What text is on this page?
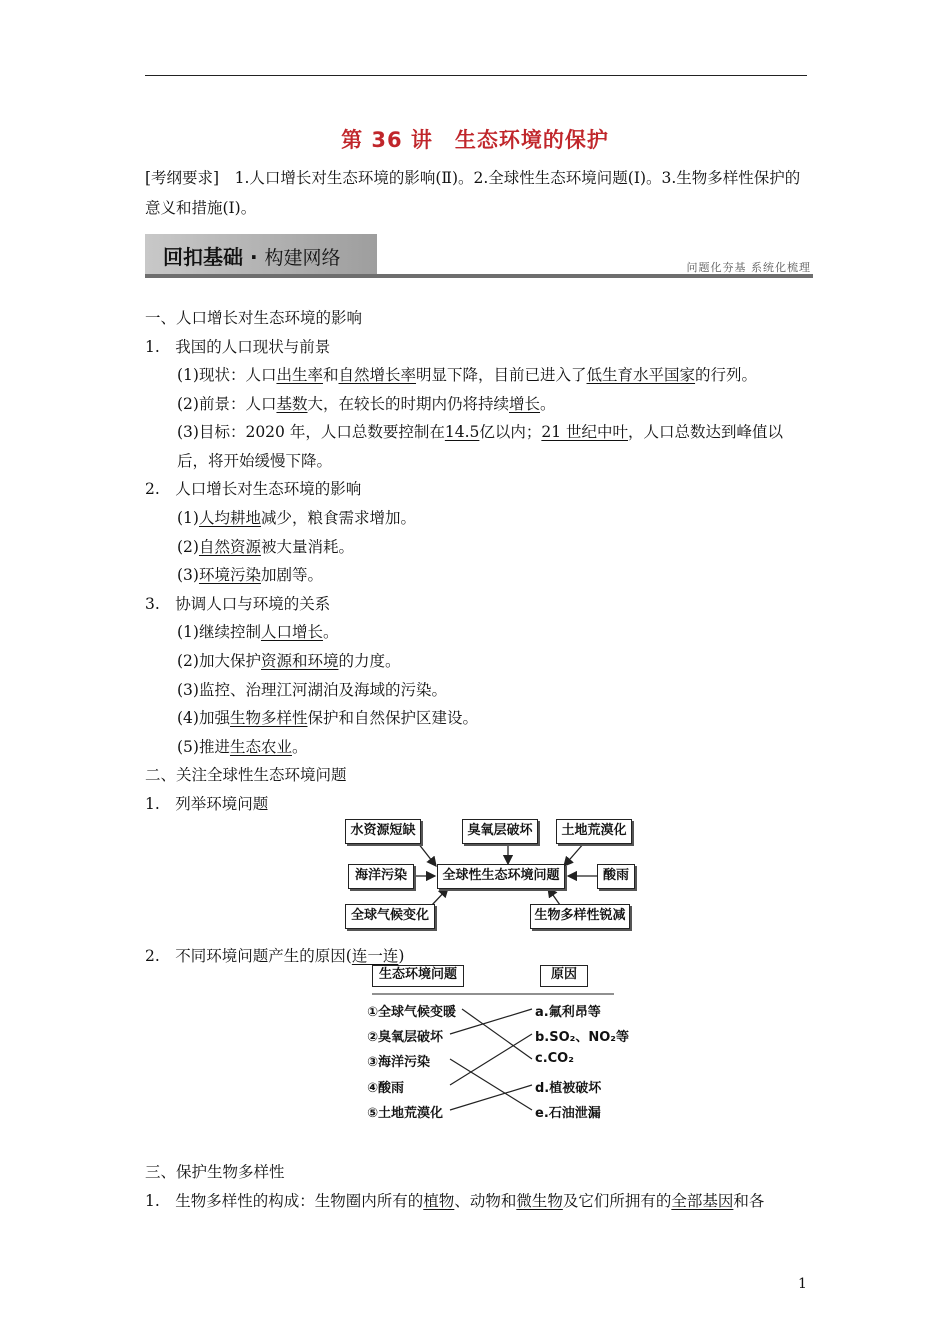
第 36 讲　生态环境的保护
[考纲要求]　1.人口增长对生态环境的影响(Ⅱ)。2.全球性生态环境问题(Ⅰ)。3.生物多样性保护的意义和措施(Ⅰ)。
回扣基础 · 构建网络	问题化夯基 系统化梳理
一、人口增长对生态环境的影响
1.　我国的人口现状与前景
(1)现状：人口出生率和自然增长率明显下降，目前已进入了低生育水平国家的行列。
(2)前景：人口基数大，在较长的时期内仍将持续增长。
(3)目标：2020 年，人口总数要控制在14.5亿以内；21 世纪中叶，人口总数达到峰值以
后，将开始缓慢下降。
2.　人口增长对生态环境的影响
(1)人均耕地减少，粮食需求增加。
(2)自然资源被大量消耗。
(3)环境污染加剧等。
3.　协调人口与环境的关系
(1)继续控制人口增长。
(2)加大保护资源和环境的力度。
(3)监控、治理江河湖泊及海域的污染。
(4)加强生物多样性保护和自然保护区建设。
(5)推进生态农业。
二、关注全球性生态环境问题
1.　列举环境问题
水资源短缺	臭氧层破坏	土地荒漠化
海洋污染	全球性生态环境问题	酸雨
全球气候变化	生物多样性锐减
2.　不同环境问题产生的原因(连一连)
生态环境问题	原因
①全球气候变暖
②臭氧层破坏
③海洋污染
④酸雨
⑤土地荒漠化
a.氟利昂等
b.SO₂、NO₂等
c.CO₂
d.植被破坏
e.石油泄漏
三、保护生物多样性
1.　生物多样性的构成：生物圈内所有的植物、动物和微生物及它们所拥有的全部基因和各
1
